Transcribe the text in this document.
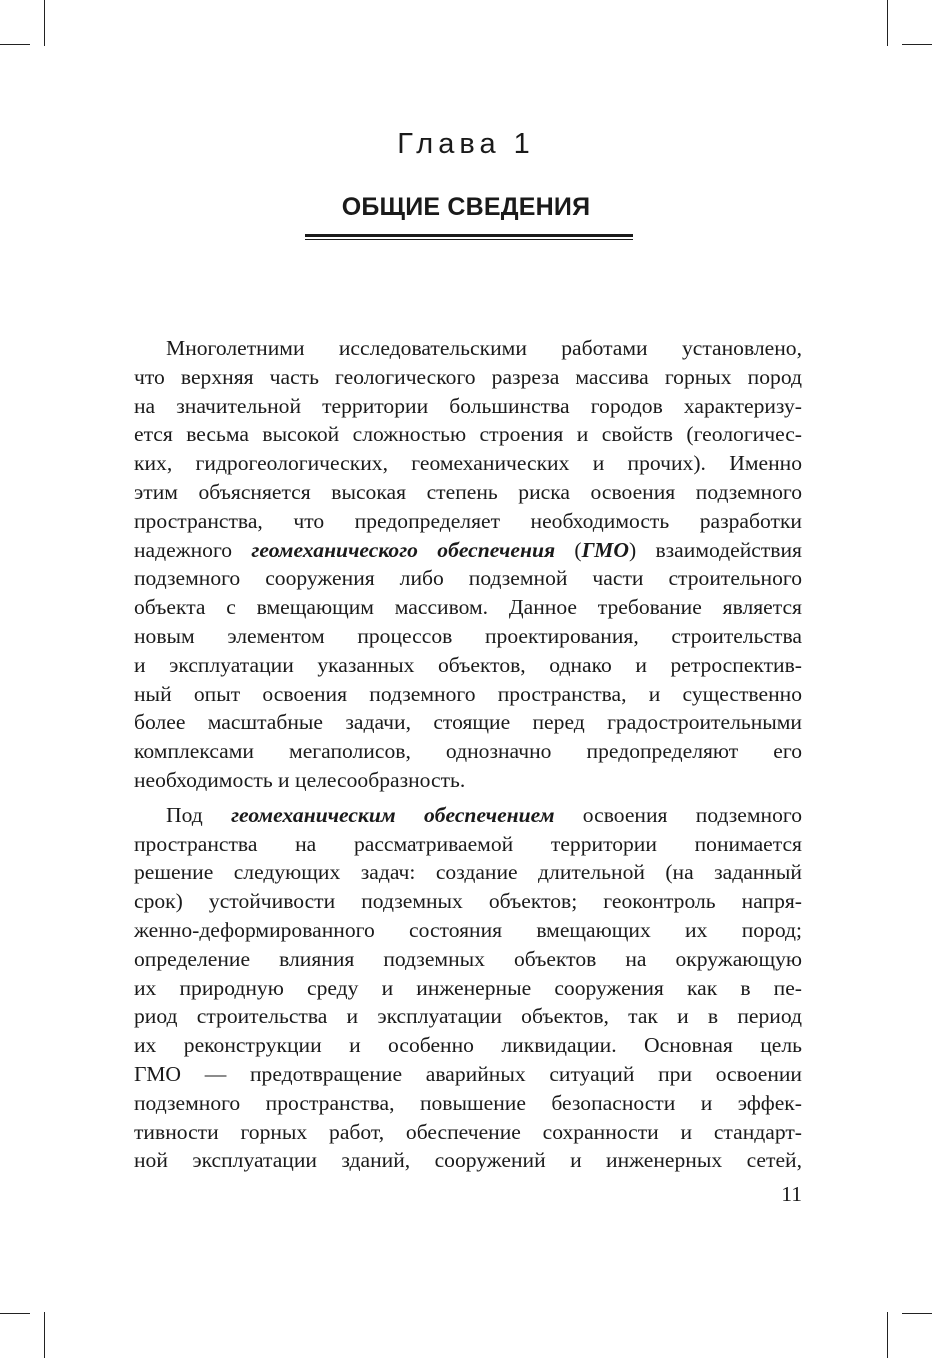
Глава 1
ОБЩИЕ СВЕДЕНИЯ
Многолетними исследовательскими работами установлено,
что верхняя часть геологического разреза массива горных пород
на значительной территории большинства городов характеризу-
ется весьма высокой сложностью строения и свойств (геологичес-
ких, гидрогеологических, геомеханических и прочих). Именно
этим объясняется высокая степень риска освоения подземного
пространства, что предопределяет необходимость разработки
надежного геомеханического обеспечения (ГМО) взаимодействия
подземного сооружения либо подземной части строительного
объекта с вмещающим массивом. Данное требование является
новым элементом процессов проектирования, строительства
и эксплуатации указанных объектов, однако и ретроспектив-
ный опыт освоения подземного пространства, и существенно
более масштабные задачи, стоящие перед градостроительными
комплексами мегаполисов, однозначно предопределяют его
необходимость и целесообразность.
Под геомеханическим обеспечением освоения подземного
пространства на рассматриваемой территории понимается
решение следующих задач: создание длительной (на заданный
срок) устойчивости подземных объектов; геоконтроль напря-
женно-деформированного состояния вмещающих их пород;
определение влияния подземных объектов на окружающую
их природную среду и инженерные сооружения как в пе-
риод строительства и эксплуатации объектов, так и в период
их реконструкции и особенно ликвидации. Основная цель
ГМО — предотвращение аварийных ситуаций при освоении
подземного пространства, повышение безопасности и эффек-
тивности горных работ, обеспечение сохранности и стандарт-
ной эксплуатации зданий, сооружений и инженерных сетей,
11
